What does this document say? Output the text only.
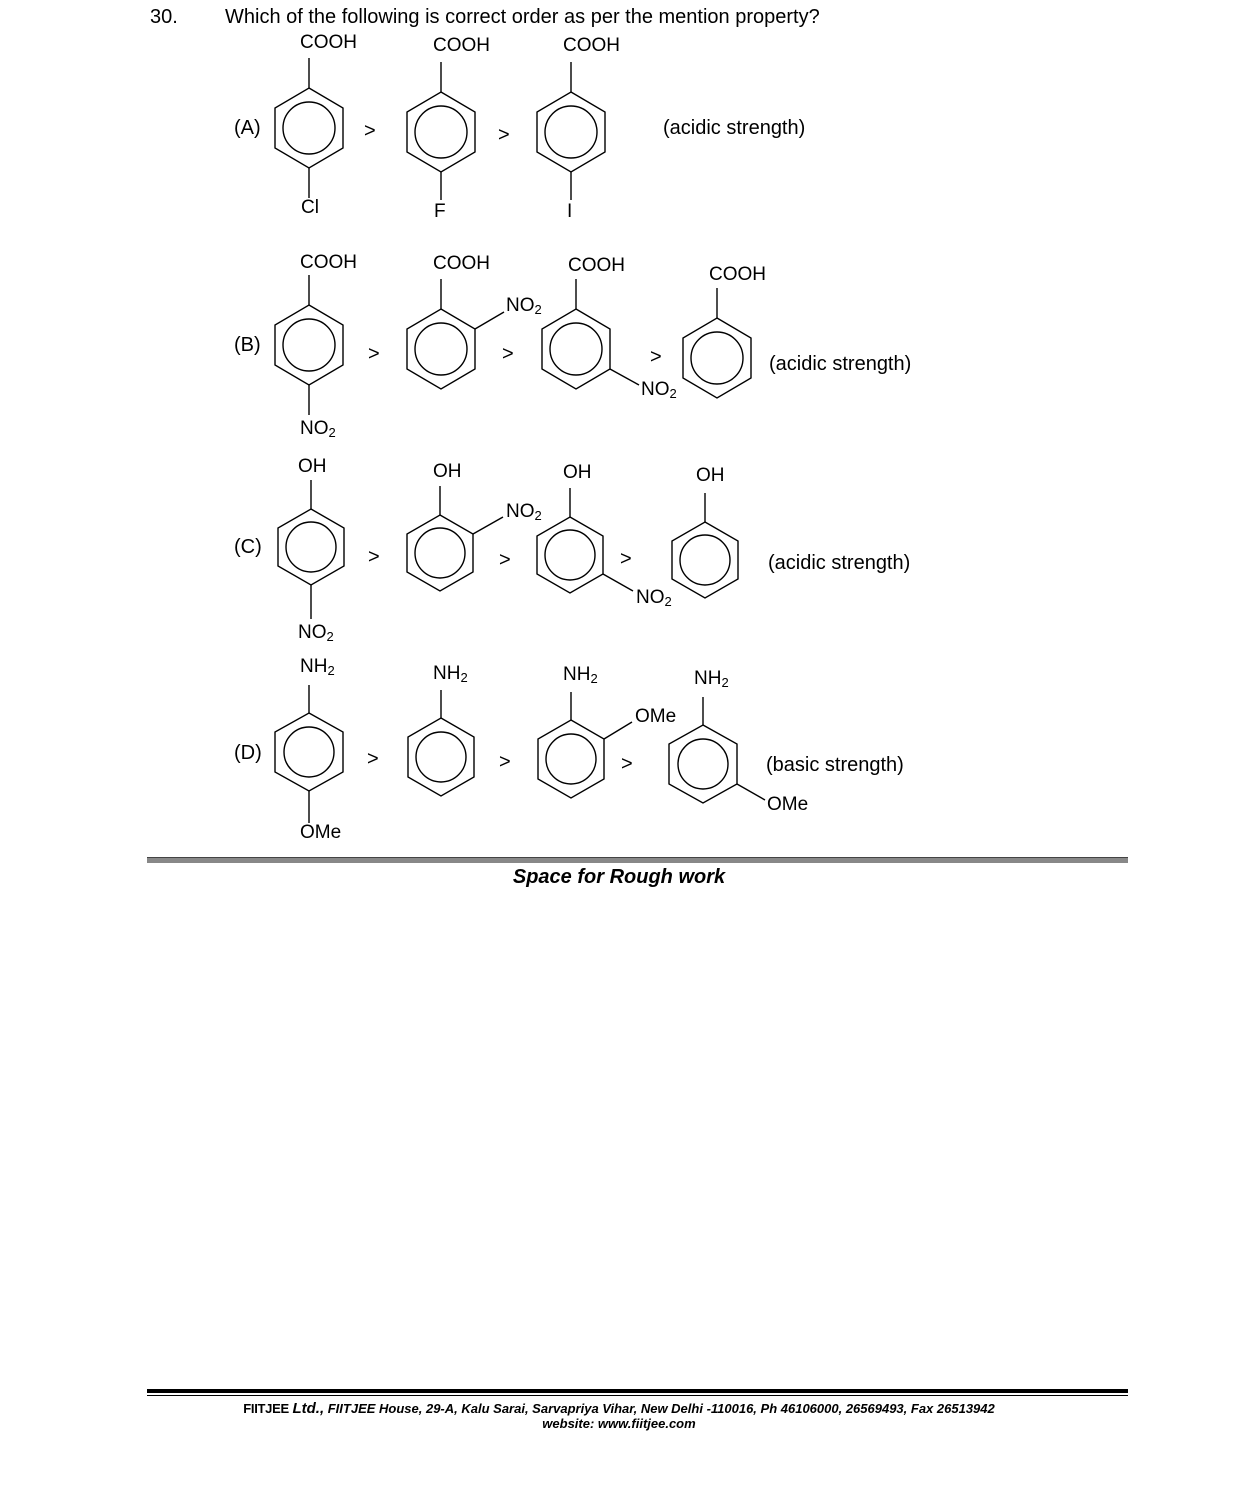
30. Which of the following is correct order as per the mention property?
(A)
(B)
(C)
(D)
(acidic strength)
(acidic strength)
(acidic strength)
(basic strength)
>	>
>	>	>
>	>	>
>	>	>
COOH
Cl
COOH
F
COOH
I
COOH
$NO_2$
COOH
$NO_2$
COOH
$NO_2$
COOH
OH
$NO_2$
OH
$NO_2$
OH
$NO_2$
OH
$NH_2$
OMe
$NH_2$	$NH_2$
OMe
$NH_2$
OMe
Space for Rough work
FIITJEE Ltd., FIITJEE House, 29-A, Kalu Sarai, Sarvapriya Vihar, New Delhi -110016, Ph 46106000, 26569493, Fax 26513942
website: www.fiitjee.com
